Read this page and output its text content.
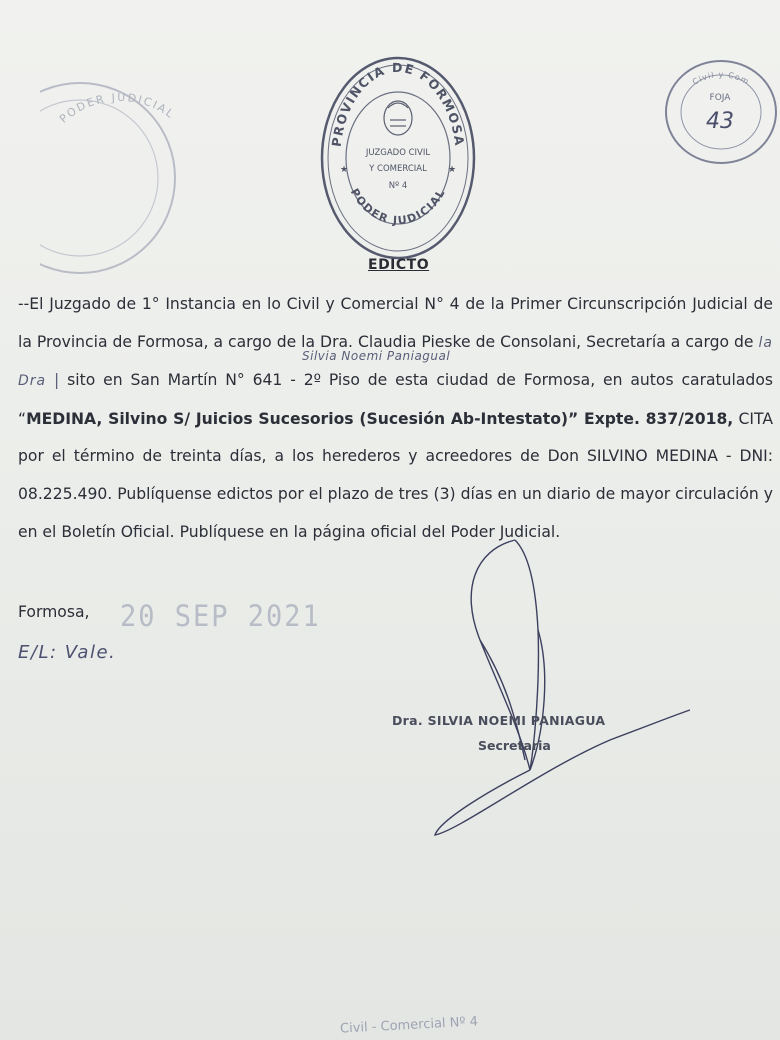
PODER JUDICIAL
PROVINCIA DE FORMOSA
PODER JUDICIAL
JUZGADO CIVIL
Y COMERCIAL
Nº 4
★	★
Civil y Com
FOJA
43
EDICTO
Silvia Noemi Paniagual
--El Juzgado de 1° Instancia en lo Civil y Comercial N° 4 de la Primer Circunscripción Judicial de la Provincia de Formosa, a cargo de la Dra. Claudia Pieske de Consolani, Secretaría a cargo de la Dra | sito en San Martín N° 641 - 2º Piso de esta ciudad de Formosa, en autos caratulados “MEDINA, Silvino S/ Juicios Sucesorios (Sucesión Ab-Intestato)” Expte. 837/2018, CITA por el término de treinta días, a los herederos y acreedores de Don SILVINO MEDINA - DNI: 08.225.490. Publíquense edictos por el plazo de tres (3) días en un diario de mayor circulación y en el Boletín Oficial. Publíquese en la página oficial del Poder Judicial.
Formosa, 20 SEP 2021
E/L: Vale.
Dra. SILVIA NOEMI PANIAGUA
Secretaria
Civil - Comercial Nº 4
